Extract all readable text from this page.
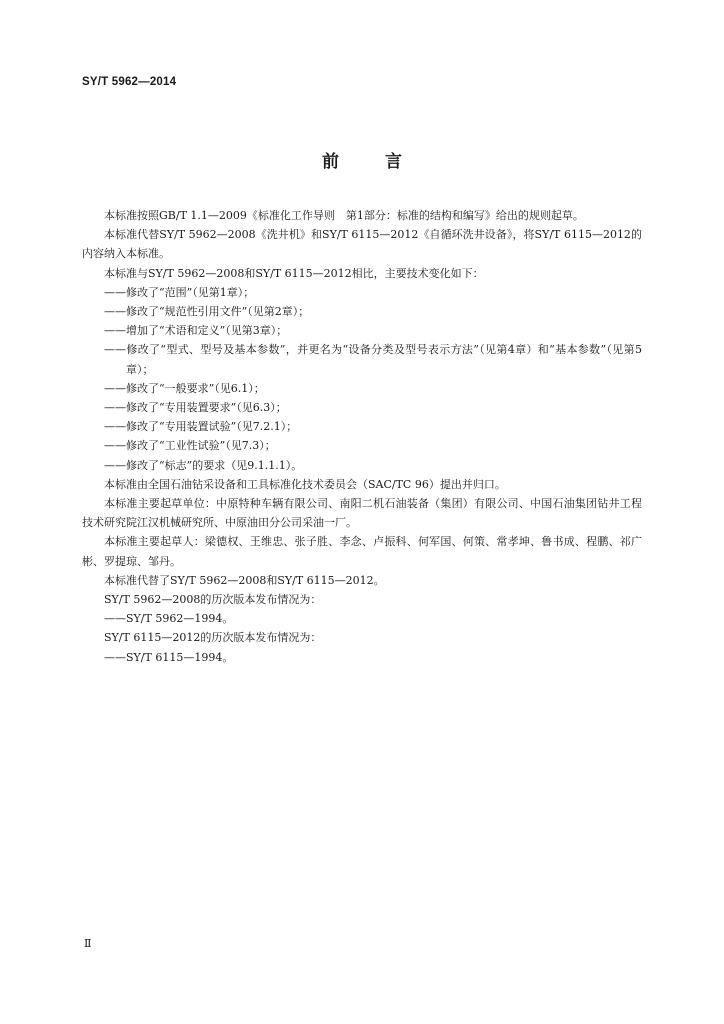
SY/T 5962—2014
前 言

本标准按照GB/T 1.1—2009《标准化工作导则　第1部分：标准的结构和编写》给出的规则起草。

本标准代替SY/T 5962—2008《洗井机》和SY/T 6115—2012《自循环洗井设备》，将SY/T 6115—2012的内容纳入本标准。

本标准与SY/T 5962—2008和SY/T 6115—2012相比，主要技术变化如下：

——修改了“范围”（见第1章）；

——修改了“规范性引用文件”（见第2章）；

——增加了“术语和定义”（见第3章）；

——修改了“型式、型号及基本参数”，并更名为“设备分类及型号表示方法”（见第4章）和“基本参数”（见第5章）；

——修改了“一般要求”（见6.1）；

——修改了“专用装置要求”（见6.3）；

——修改了“专用装置试验”（见7.2.1）；

——修改了“工业性试验”（见7.3）；

——修改了“标志”的要求（见9.1.1.1）。

本标准由全国石油钻采设备和工具标准化技术委员会（SAC/TC 96）提出并归口。

本标准主要起草单位：中原特种车辆有限公司、南阳二机石油装备（集团）有限公司、中国石油集团钻井工程技术研究院江汉机械研究所、中原油田分公司采油一厂。

本标准主要起草人：梁德权、王维忠、张子胜、李念、卢振科、何军国、何策、常孝坤、鲁书成、程鹏、祁广彬、罗提琼、邹丹。

本标准代替了SY/T 5962—2008和SY/T 6115—2012。

SY/T 5962—2008的历次版本发布情况为：

——SY/T 5962—1994。

SY/T 6115—2012的历次版本发布情况为：

——SY/T 6115—1994。

Ⅱ
